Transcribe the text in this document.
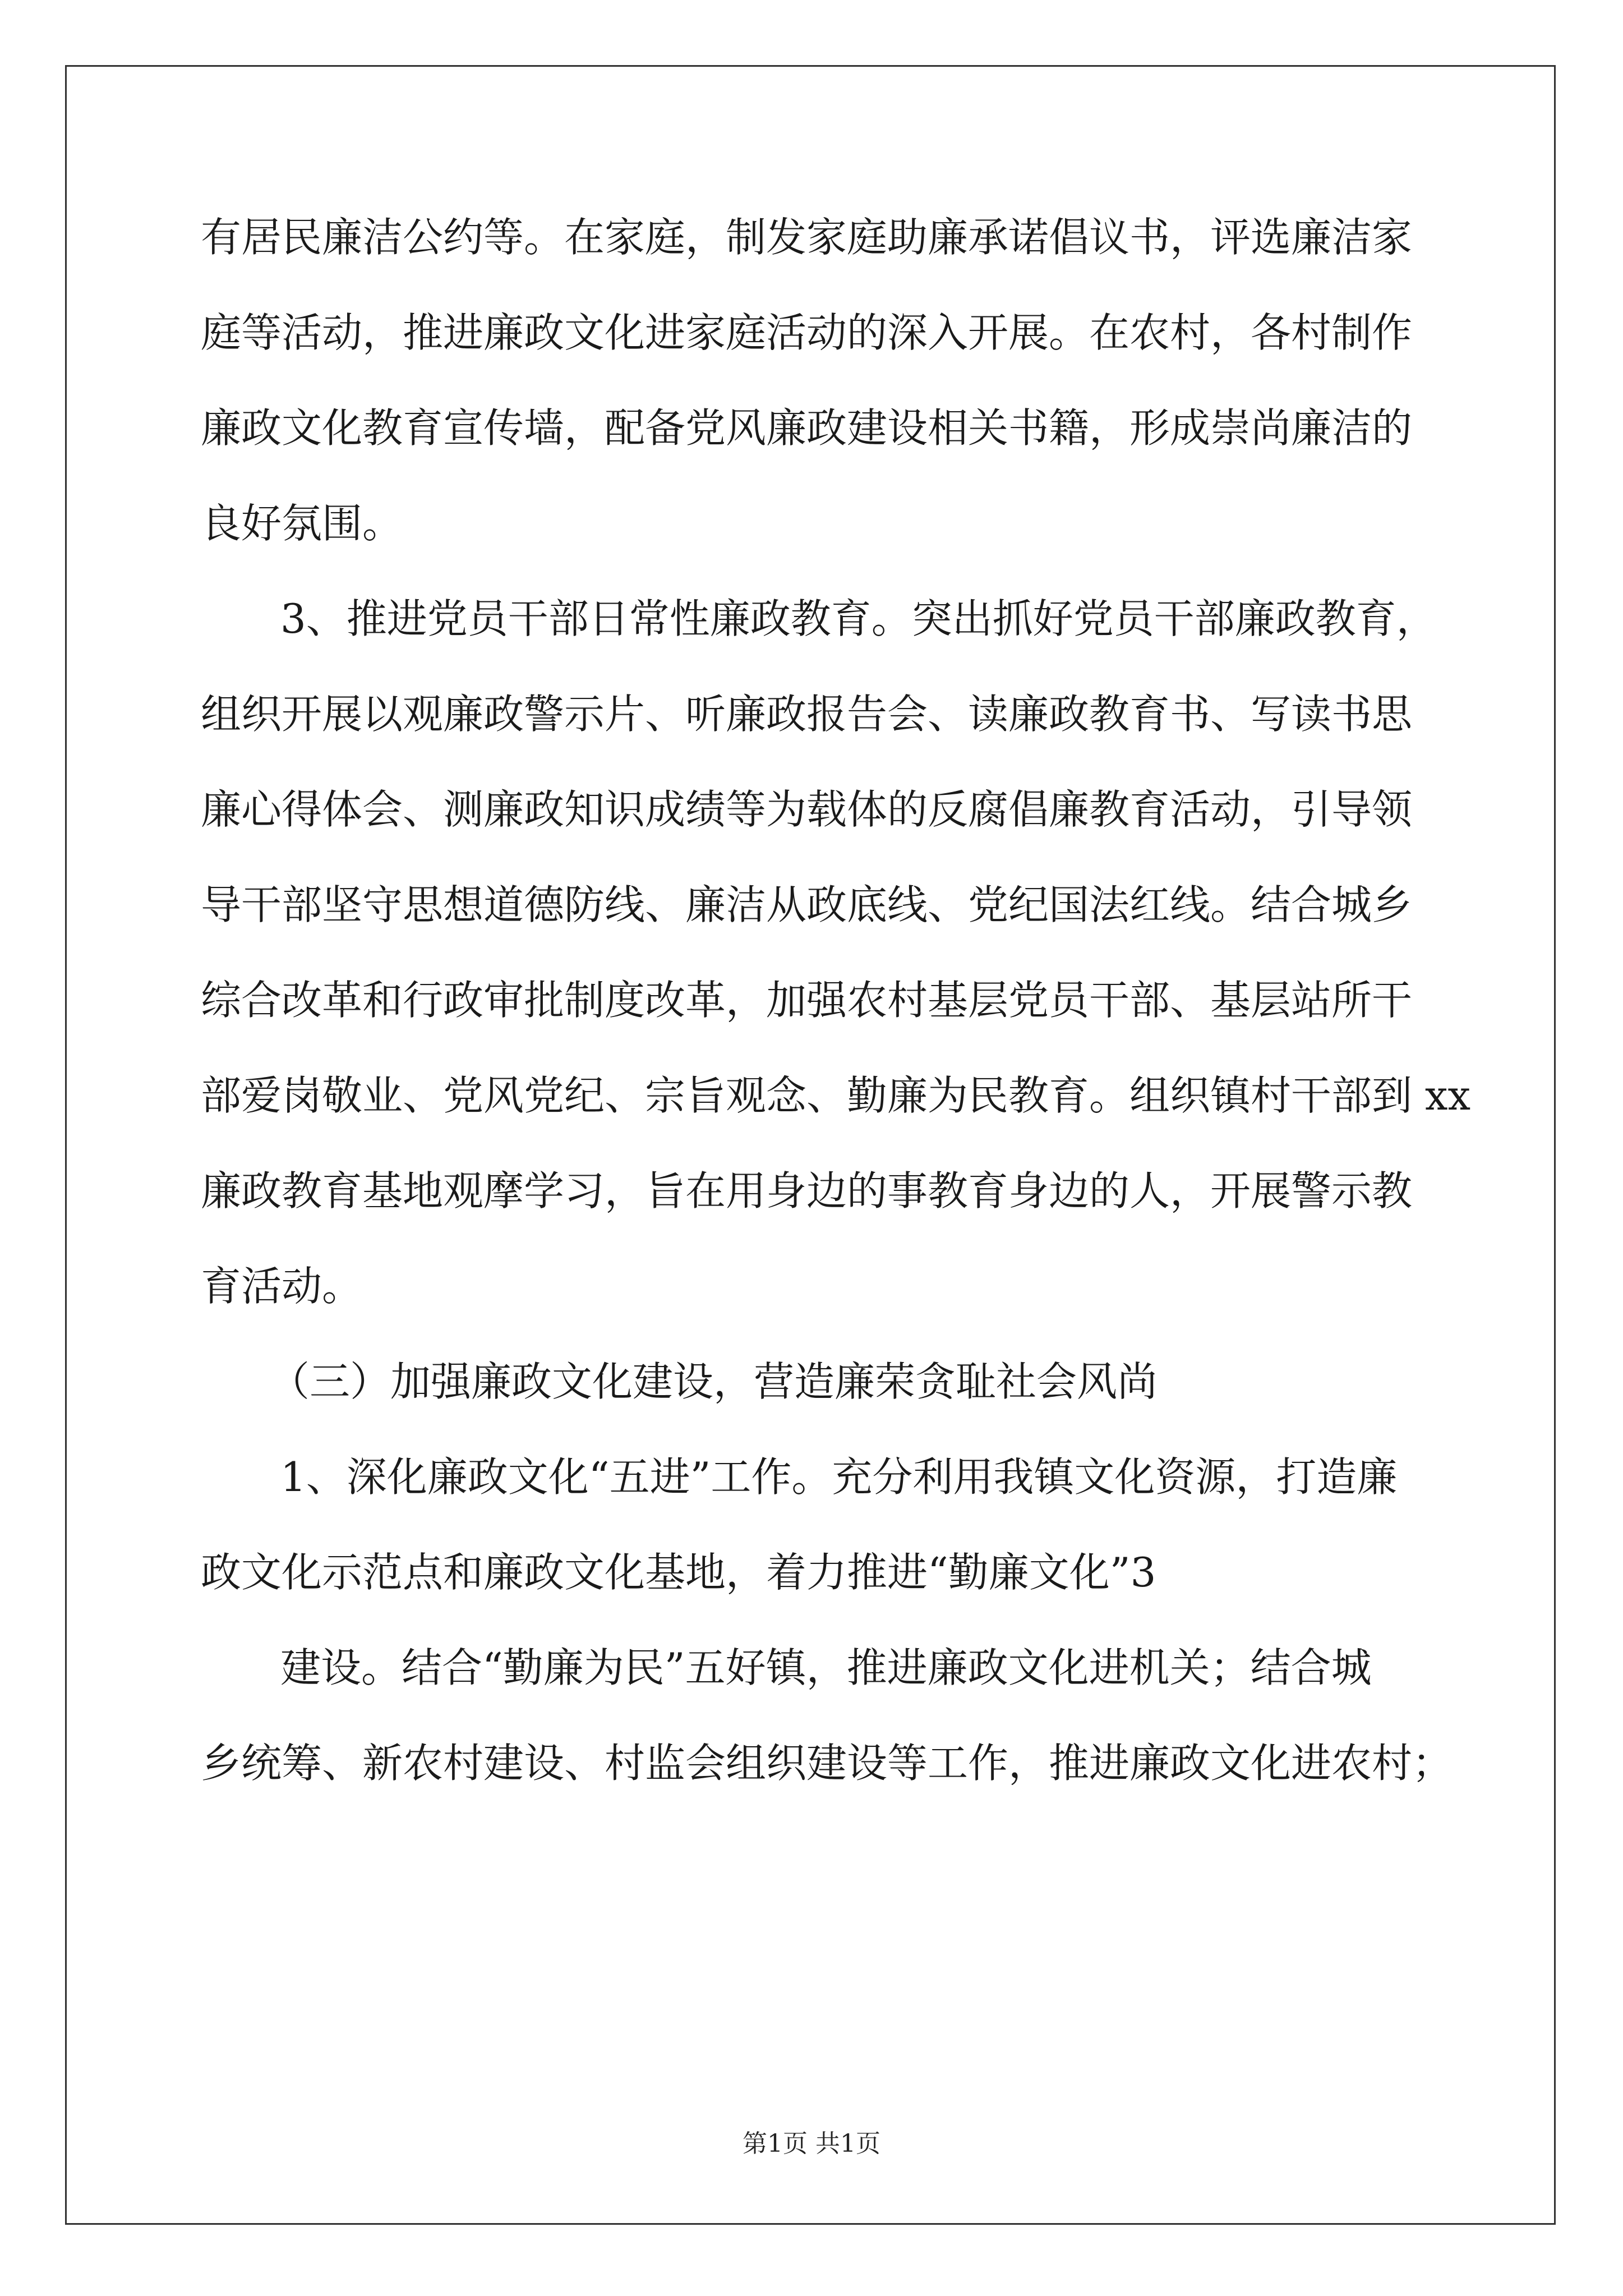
有居民廉洁公约等。在家庭，制发家庭助廉承诺倡议书，评选廉洁家
庭等活动，推进廉政文化进家庭活动的深入开展。在农村，各村制作
廉政文化教育宣传墙，配备党风廉政建设相关书籍，形成崇尚廉洁的
良好氛围。
3、推进党员干部日常性廉政教育。突出抓好党员干部廉政教育，
组织开展以观廉政警示片、听廉政报告会、读廉政教育书、写读书思
廉心得体会、测廉政知识成绩等为载体的反腐倡廉教育活动，引导领
导干部坚守思想道德防线、廉洁从政底线、党纪国法红线。结合城乡
综合改革和行政审批制度改革，加强农村基层党员干部、基层站所干
部爱岗敬业、党风党纪、宗旨观念、勤廉为民教育。组织镇村干部到 xx
廉政教育基地观摩学习，旨在用身边的事教育身边的人，开展警示教
育活动。
（三）加强廉政文化建设，营造廉荣贪耻社会风尚
1、深化廉政文化“五进”工作。充分利用我镇文化资源，打造廉
政文化示范点和廉政文化基地，着力推进“勤廉文化”3
建设。结合“勤廉为民”五好镇，推进廉政文化进机关；结合城
乡统筹、新农村建设、村监会组织建设等工作，推进廉政文化进农村；
第1页 共1页
